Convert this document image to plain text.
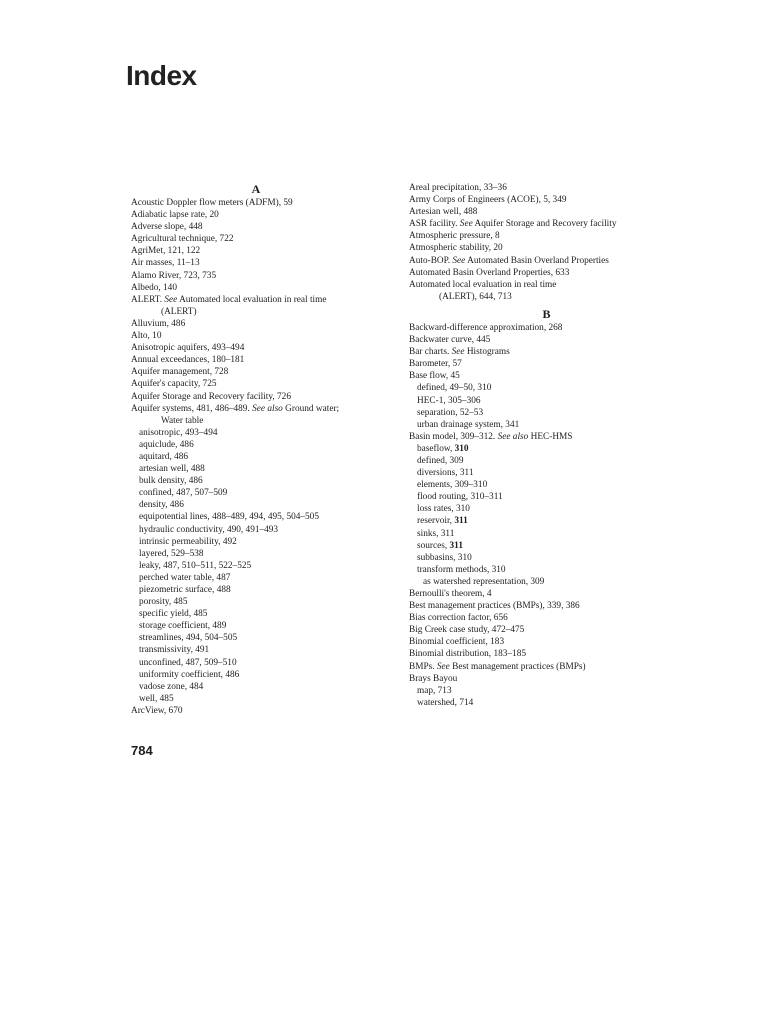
Index
A
Acoustic Doppler flow meters (ADFM), 59
Adiabatic lapse rate, 20
Adverse slope, 448
Agricultural technique, 722
AgriMet, 121, 122
Air masses, 11–13
Alamo River, 723, 735
Albedo, 140
ALERT. See Automated local evaluation in real time
(ALERT)
Alluvium, 486
Alto, 10
Anisotropic aquifers, 493–494
Annual exceedances, 180–181
Aquifer management, 728
Aquifer's capacity, 725
Aquifer Storage and Recovery facility, 726
Aquifer systems, 481, 486–489. See also Ground water;
Water table
anisotropic, 493–494
aquiclude, 486
aquitard, 486
artesian well, 488
bulk density, 486
confined, 487, 507–509
density, 486
equipotential lines, 488–489, 494, 495, 504–505
hydraulic conductivity, 490, 491–493
intrinsic permeability, 492
layered, 529–538
leaky, 487, 510–511, 522–525
perched water table, 487
piezometric surface, 488
porosity, 485
specific yield, 485
storage coefficient, 489
streamlines, 494, 504–505
transmissivity, 491
unconfined, 487, 509–510
uniformity coefficient, 486
vadose zone, 484
well, 485
ArcView, 670
Areal precipitation, 33–36
Army Corps of Engineers (ACOE), 5, 349
Artesian well, 488
ASR facility. See Aquifer Storage and Recovery facility
Atmospheric pressure, 8
Atmospheric stability, 20
Auto-BOP. See Automated Basin Overland Properties
Automated Basin Overland Properties, 633
Automated local evaluation in real time
(ALERT), 644, 713
B
Backward-difference approximation, 268
Backwater curve, 445
Bar charts. See Histograms
Barometer, 57
Base flow, 45
defined, 49–50, 310
HEC-1, 305–306
separation, 52–53
urban drainage system, 341
Basin model, 309–312. See also HEC-HMS
baseflow, 310
defined, 309
diversions, 311
elements, 309–310
flood routing, 310–311
loss rates, 310
reservoir, 311
sinks, 311
sources, 311
subbasins, 310
transform methods, 310
as watershed representation, 309
Bernoulli's theorem, 4
Best management practices (BMPs), 339, 386
Bias correction factor, 656
Big Creek case study, 472–475
Binomial coefficient, 183
Binomial distribution, 183–185
BMPs. See Best management practices (BMPs)
Brays Bayou
map, 713
watershed, 714
784
